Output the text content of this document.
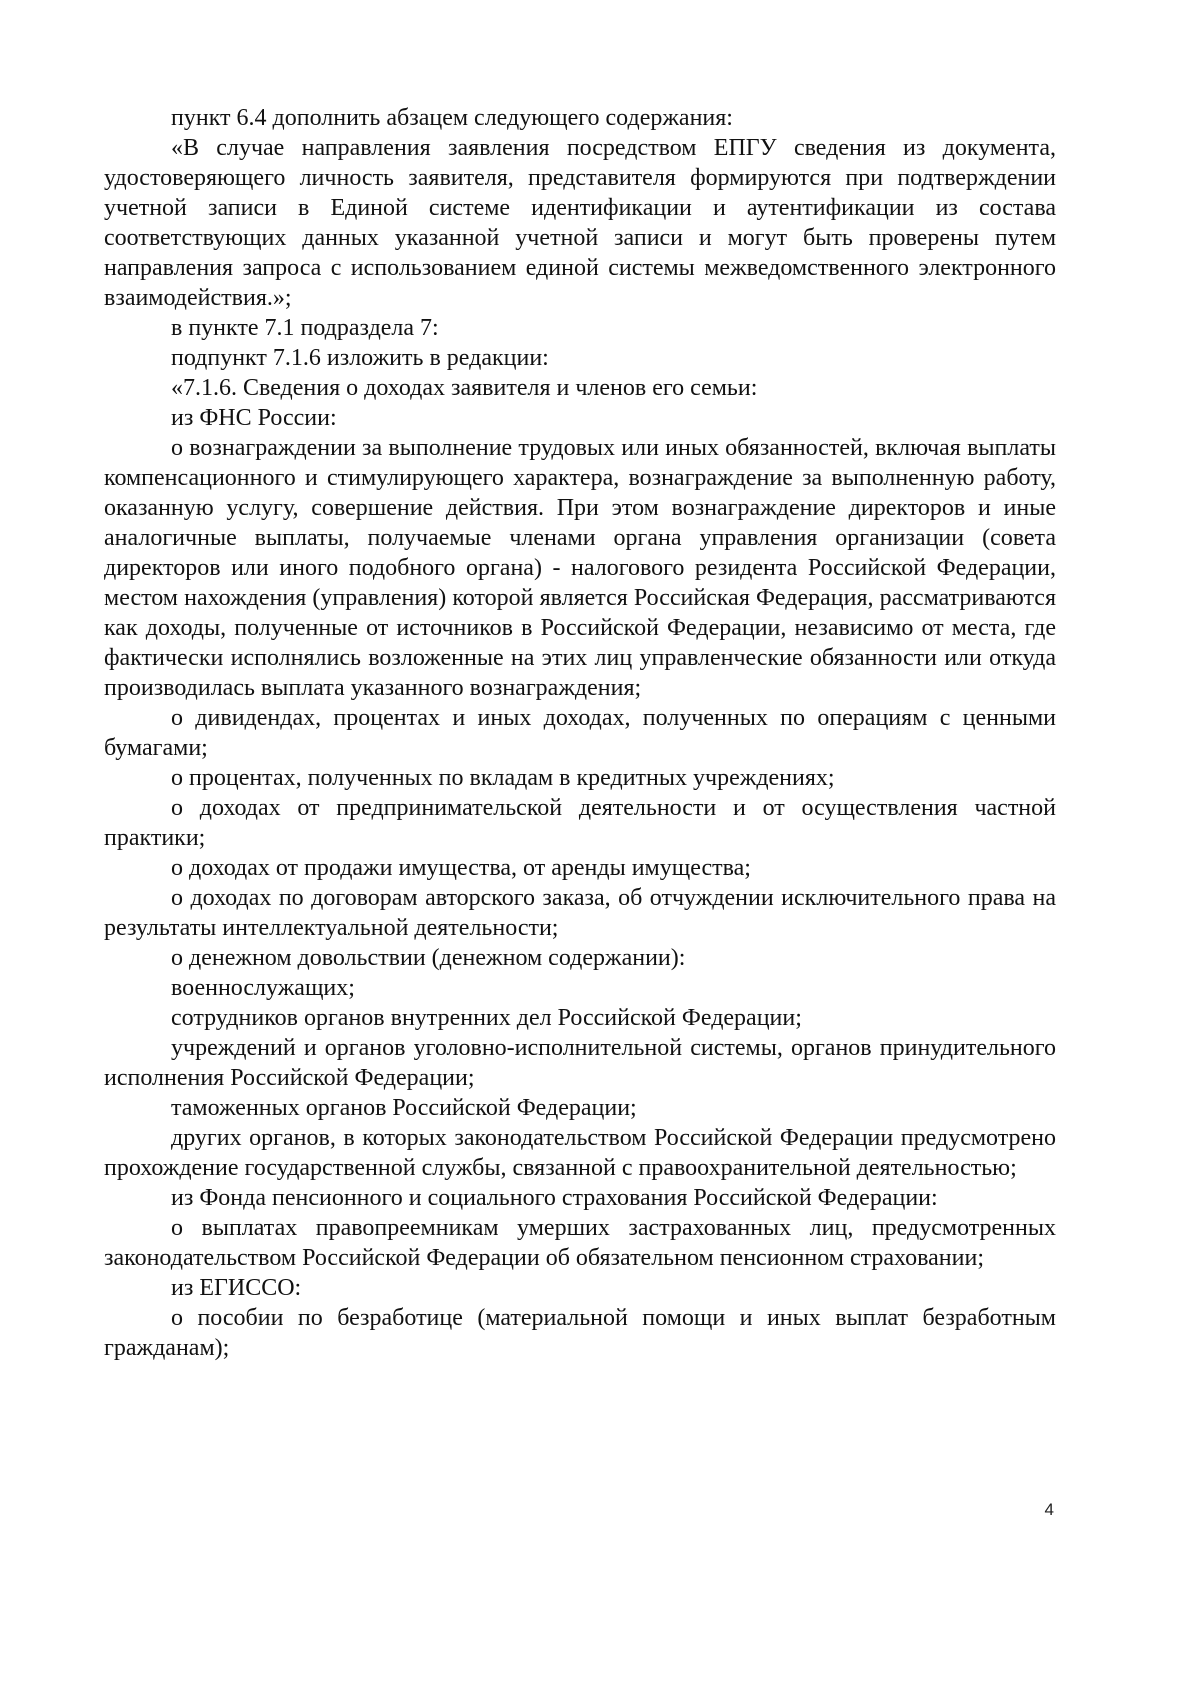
пункт 6.4 дополнить абзацем следующего содержания:

«В случае направления заявления посредством ЕПГУ сведения из документа, удостоверяющего личность заявителя, представителя формируются при подтверждении учетной записи в Единой системе идентификации и аутентификации из состава соответствующих данных указанной учетной записи и могут быть проверены путем направления запроса с использованием единой системы межведомственного электронного взаимодействия.»;

в пункте 7.1 подраздела 7:

подпункт 7.1.6 изложить в редакции:

«7.1.6. Сведения о доходах заявителя и членов его семьи:

из ФНС России:

о вознаграждении за выполнение трудовых или иных обязанностей, включая выплаты компенсационного и стимулирующего характера, вознаграждение за выполненную работу, оказанную услугу, совершение действия. При этом вознаграждение директоров и иные аналогичные выплаты, получаемые членами органа управления организации (совета директоров или иного подобного органа) - налогового резидента Российской Федерации, местом нахождения (управления) которой является Российская Федерация, рассматриваются как доходы, полученные от источников в Российской Федерации, независимо от места, где фактически исполнялись возложенные на этих лиц управленческие обязанности или откуда производилась выплата указанного вознаграждения;

о дивидендах, процентах и иных доходах, полученных по операциям с ценными бумагами;

о процентах, полученных по вкладам в кредитных учреждениях;

о доходах от предпринимательской деятельности и от осуществления частной практики;

о доходах от продажи имущества, от аренды имущества;

о доходах по договорам авторского заказа, об отчуждении исключительного права на результаты интеллектуальной деятельности;

о денежном довольствии (денежном содержании):

военнослужащих;

сотрудников органов внутренних дел Российской Федерации;

учреждений и органов уголовно-исполнительной системы, органов принудительного исполнения Российской Федерации;

таможенных органов Российской Федерации;

других органов, в которых законодательством Российской Федерации предусмотрено прохождение государственной службы, связанной с правоохранительной деятельностью;

из Фонда пенсионного и социального страхования Российской Федерации:

о выплатах правопреемникам умерших застрахованных лиц, предусмотренных законодательством Российской Федерации об обязательном пенсионном страховании;

из ЕГИССО:

о пособии по безработице (материальной помощи и иных выплат безработным гражданам);

4
